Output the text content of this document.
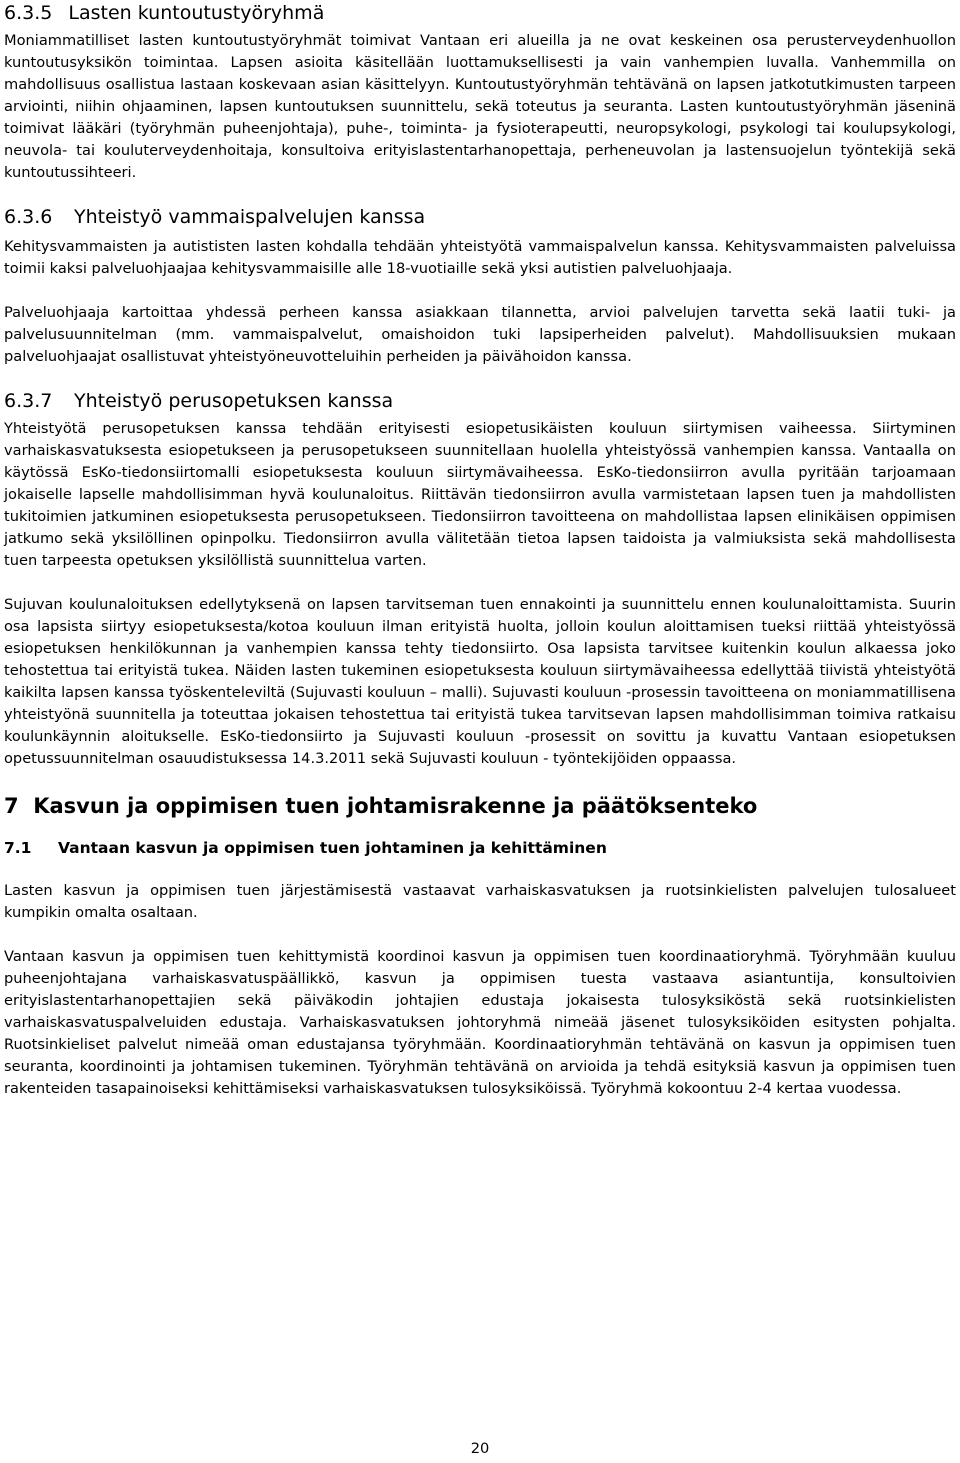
6.3.5 Lasten kuntoutustyöryhmä

Moniammatilliset lasten kuntoutustyöryhmät toimivat Vantaan eri alueilla ja ne ovat keskeinen osa perusterveydenhuollon kuntoutusyksikön toimintaa. Lapsen asioita käsitellään luottamuksellisesti ja vain vanhempien luvalla. Vanhemmilla on mahdollisuus osallistua lastaan koskevaan asian käsittelyyn. Kuntoutustyöryhmän tehtävänä on lapsen jatkotutkimusten tarpeen arviointi, niihin ohjaaminen, lapsen kuntoutuksen suunnittelu, sekä toteutus ja seuranta. Lasten kuntoutustyöryhmän jäseninä toimivat lääkäri (työryhmän puheenjohtaja), puhe-, toiminta- ja fysioterapeutti, neuropsykologi, psykologi tai koulupsykologi, neuvola- tai kouluterveydenhoitaja, konsultoiva erityislastentarhanopettaja, perheneuvolan ja lastensuojelun työntekijä sekä kuntoutussihteeri.

6.3.6 Yhteistyö vammaispalvelujen kanssa

Kehitysvammaisten ja autististen lasten kohdalla tehdään yhteistyötä vammaispalvelun kanssa. Kehitysvammaisten palveluissa toimii kaksi palveluohjaajaa kehitysvammaisille alle 18-vuotiaille sekä yksi autistien palveluohjaaja.

Palveluohjaaja kartoittaa yhdessä perheen kanssa asiakkaan tilannetta, arvioi palvelujen tarvetta sekä laatii tuki- ja palvelusuunnitelman (mm. vammaispalvelut, omaishoidon tuki lapsiperheiden palvelut). Mahdollisuuksien mukaan palveluohjaajat osallistuvat yhteistyöneuvotteluihin perheiden ja päivähoidon kanssa.

6.3.7 Yhteistyö perusopetuksen kanssa

Yhteistyötä perusopetuksen kanssa tehdään erityisesti esiopetusikäisten kouluun siirtymisen vaiheessa. Siirtyminen varhaiskasvatuksesta esiopetukseen ja perusopetukseen suunnitellaan huolella yhteistyössä vanhempien kanssa. Vantaalla on käytössä EsKo-tiedonsiirtomalli esiopetuksesta kouluun siirtymävaiheessa. EsKo-tiedonsiirron avulla pyritään tarjoamaan jokaiselle lapselle mahdollisimman hyvä koulunaloitus. Riittävän tiedonsiirron avulla varmistetaan lapsen tuen ja mahdollisten tukitoimien jatkuminen esiopetuksesta perusopetukseen. Tiedonsiirron tavoitteena on mahdollistaa lapsen elinikäisen oppimisen jatkumo sekä yksilöllinen opinpolku. Tiedonsiirron avulla välitetään tietoa lapsen taidoista ja valmiuksista sekä mahdollisesta tuen tarpeesta opetuksen yksilöllistä suunnittelua varten.

Sujuvan koulunaloituksen edellytyksenä on lapsen tarvitseman tuen ennakointi ja suunnittelu ennen koulunaloittamista. Suurin osa lapsista siirtyy esiopetuksesta/kotoa kouluun ilman erityistä huolta, jolloin koulun aloittamisen tueksi riittää yhteistyössä esiopetuksen henkilökunnan ja vanhempien kanssa tehty tiedonsiirto. Osa lapsista tarvitsee kuitenkin koulun alkaessa joko tehostettua tai erityistä tukea. Näiden lasten tukeminen esiopetuksesta kouluun siirtymävaiheessa edellyttää tiivistä yhteistyötä kaikilta lapsen kanssa työskenteleviltä (Sujuvasti kouluun – malli). Sujuvasti kouluun -prosessin tavoitteena on moniammatillisena yhteistyönä suunnitella ja toteuttaa jokaisen tehostettua tai erityistä tukea tarvitsevan lapsen mahdollisimman toimiva ratkaisu koulunkäynnin aloitukselle. EsKo-tiedonsiirto ja Sujuvasti kouluun -prosessit on sovittu ja kuvattu Vantaan esiopetuksen opetussuunnitelman osauudistuksessa 14.3.2011 sekä Sujuvasti kouluun - työntekijöiden oppaassa.

7  Kasvun ja oppimisen tuen johtamisrakenne ja päätöksenteko
7.1 Vantaan kasvun ja oppimisen tuen johtaminen ja kehittäminen

Lasten kasvun ja oppimisen tuen järjestämisestä vastaavat varhaiskasvatuksen ja ruotsinkielisten palvelujen tulosalueet kumpikin omalta osaltaan.

Vantaan kasvun ja oppimisen tuen kehittymistä koordinoi kasvun ja oppimisen tuen koordinaatioryhmä. Työryhmään kuuluu puheenjohtajana varhaiskasvatuspäällikkö, kasvun ja oppimisen tuesta vastaava asiantuntija, konsultoivien erityislastentarhanopettajien sekä päiväkodin johtajien edustaja jokaisesta tulosyksiköstä sekä ruotsinkielisten varhaiskasvatuspalveluiden edustaja. Varhaiskasvatuksen johtoryhmä nimeää jäsenet tulosyksiköiden esitysten pohjalta. Ruotsinkieliset palvelut nimeää oman edustajansa työryhmään. Koordinaatioryhmän tehtävänä on kasvun ja oppimisen tuen seuranta, koordinointi ja johtamisen tukeminen. Työryhmän tehtävänä on arvioida ja tehdä esityksiä kasvun ja oppimisen tuen rakenteiden tasapainoiseksi kehittämiseksi varhaiskasvatuksen tulosyksiköissä. Työryhmä kokoontuu 2-4 kertaa vuodessa.

20
